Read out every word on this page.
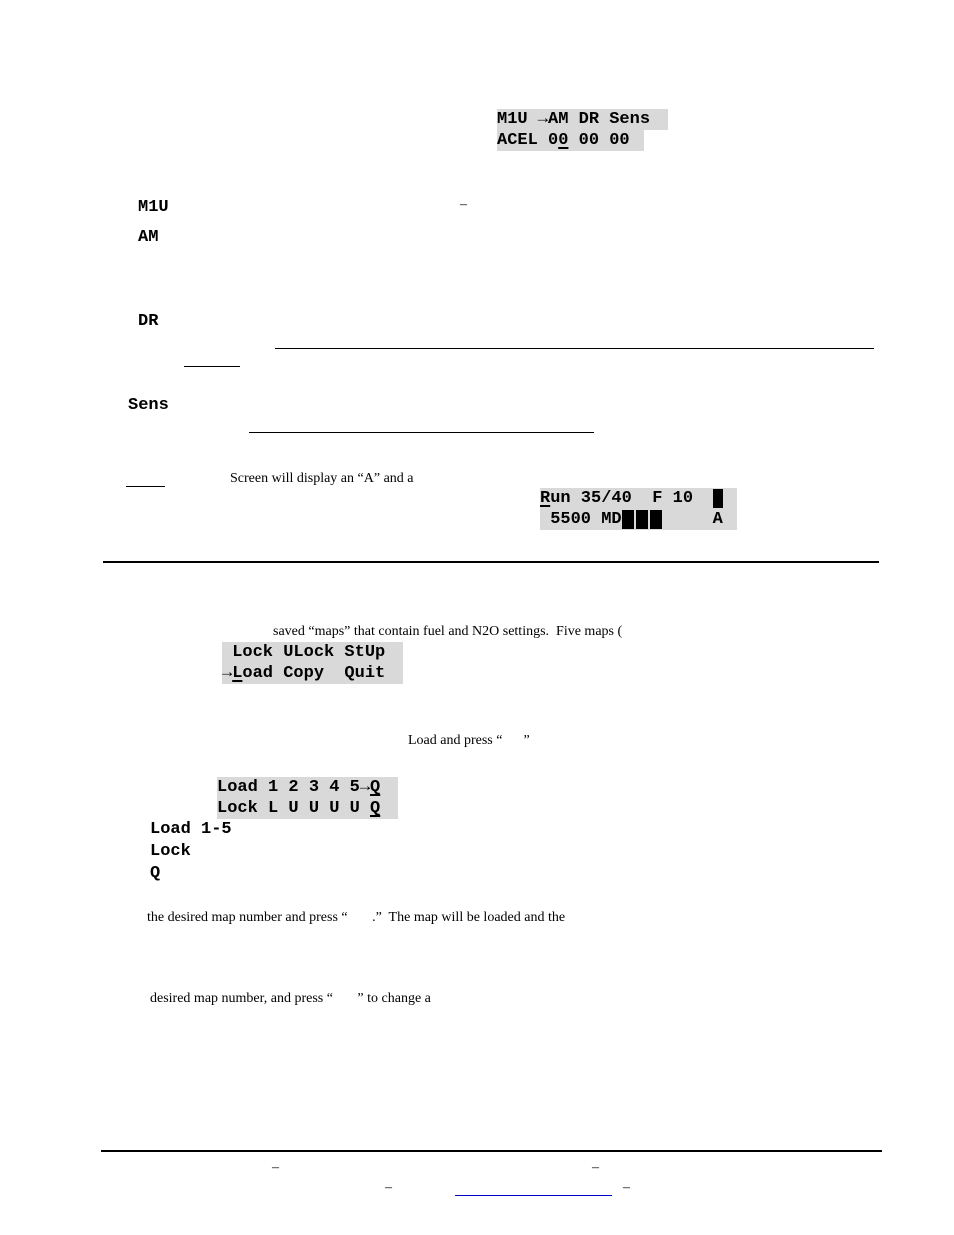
M1U →AM DR Sens
ACEL 00 00 00
M1U	–
AM
DR
Sens
Screen will display an “A” and a
Run 35/40  F 10
5500 MD     A
saved “maps” that contain fuel and N2O settings.  Five maps (
Lock ULock StUp
→Load Copy  Quit
Load and press “      ”
Load 1 2 3 4 5→Q
Lock L U U U U Q
Load 1-5
Lock
Q
the desired map number and press “       .”  The map will be loaded and the
desired map number, and press “       ” to change a
–	–
–	–
